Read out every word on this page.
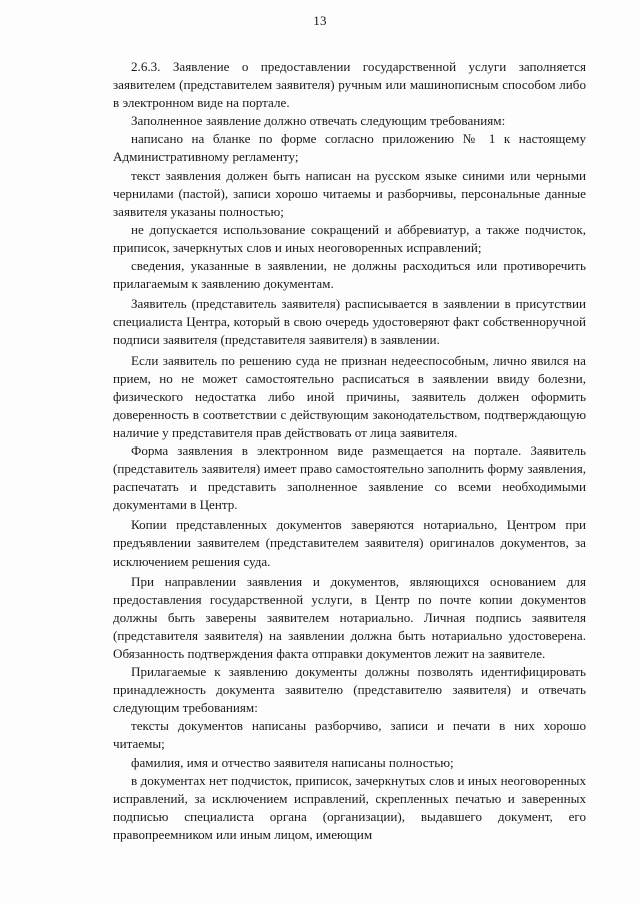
13

2.6.3. Заявление о предоставлении государственной услуги заполняется заявителем (представителем заявителя) ручным или машинописным способом либо в электронном виде на портале.

Заполненное заявление должно отвечать следующим требованиям:

написано на бланке по форме согласно приложению № 1 к настоящему Административному регламенту;

текст заявления должен быть написан на русском языке синими или черными чернилами (пастой), записи хорошо читаемы и разборчивы, персональные данные заявителя указаны полностью;

не допускается использование сокращений и аббревиатур, а также подчисток, приписок, зачеркнутых слов и иных неоговоренных исправлений;

сведения, указанные в заявлении, не должны расходиться или противоречить прилагаемым к заявлению документам.

Заявитель (представитель заявителя) расписывается в заявлении в присутствии специалиста Центра, который в свою очередь удостоверяют факт собственноручной подписи заявителя (представителя заявителя) в заявлении.

Если заявитель по решению суда не признан недееспособным, лично явился на прием, но не может самостоятельно расписаться в заявлении ввиду болезни, физического недостатка либо иной причины, заявитель должен оформить доверенность в соответствии с действующим законодательством, подтверждающую наличие у представителя прав действовать от лица заявителя.

Форма заявления в электронном виде размещается на портале. Заявитель (представитель заявителя) имеет право самостоятельно заполнить форму заявления, распечатать и представить заполненное заявление со всеми необходимыми документами в Центр.

Копии представленных документов заверяются нотариально, Центром при предъявлении заявителем (представителем заявителя) оригиналов документов, за исключением решения суда.

При направлении заявления и документов, являющихся основанием для предоставления государственной услуги, в Центр по почте копии документов должны быть заверены заявителем нотариально. Личная подпись заявителя (представителя заявителя) на заявлении должна быть нотариально удостоверена. Обязанность подтверждения факта отправки документов лежит на заявителе.

Прилагаемые к заявлению документы должны позволять идентифицировать принадлежность документа заявителю (представителю заявителя) и отвечать следующим требованиям:

тексты документов написаны разборчиво, записи и печати в них хорошо читаемы;

фамилия, имя и отчество заявителя написаны полностью;

в документах нет подчисток, приписок, зачеркнутых слов и иных неоговоренных исправлений, за исключением исправлений, скрепленных печатью и заверенных подписью специалиста органа (организации), выдавшего документ, его правопреемником или иным лицом, имеющим
